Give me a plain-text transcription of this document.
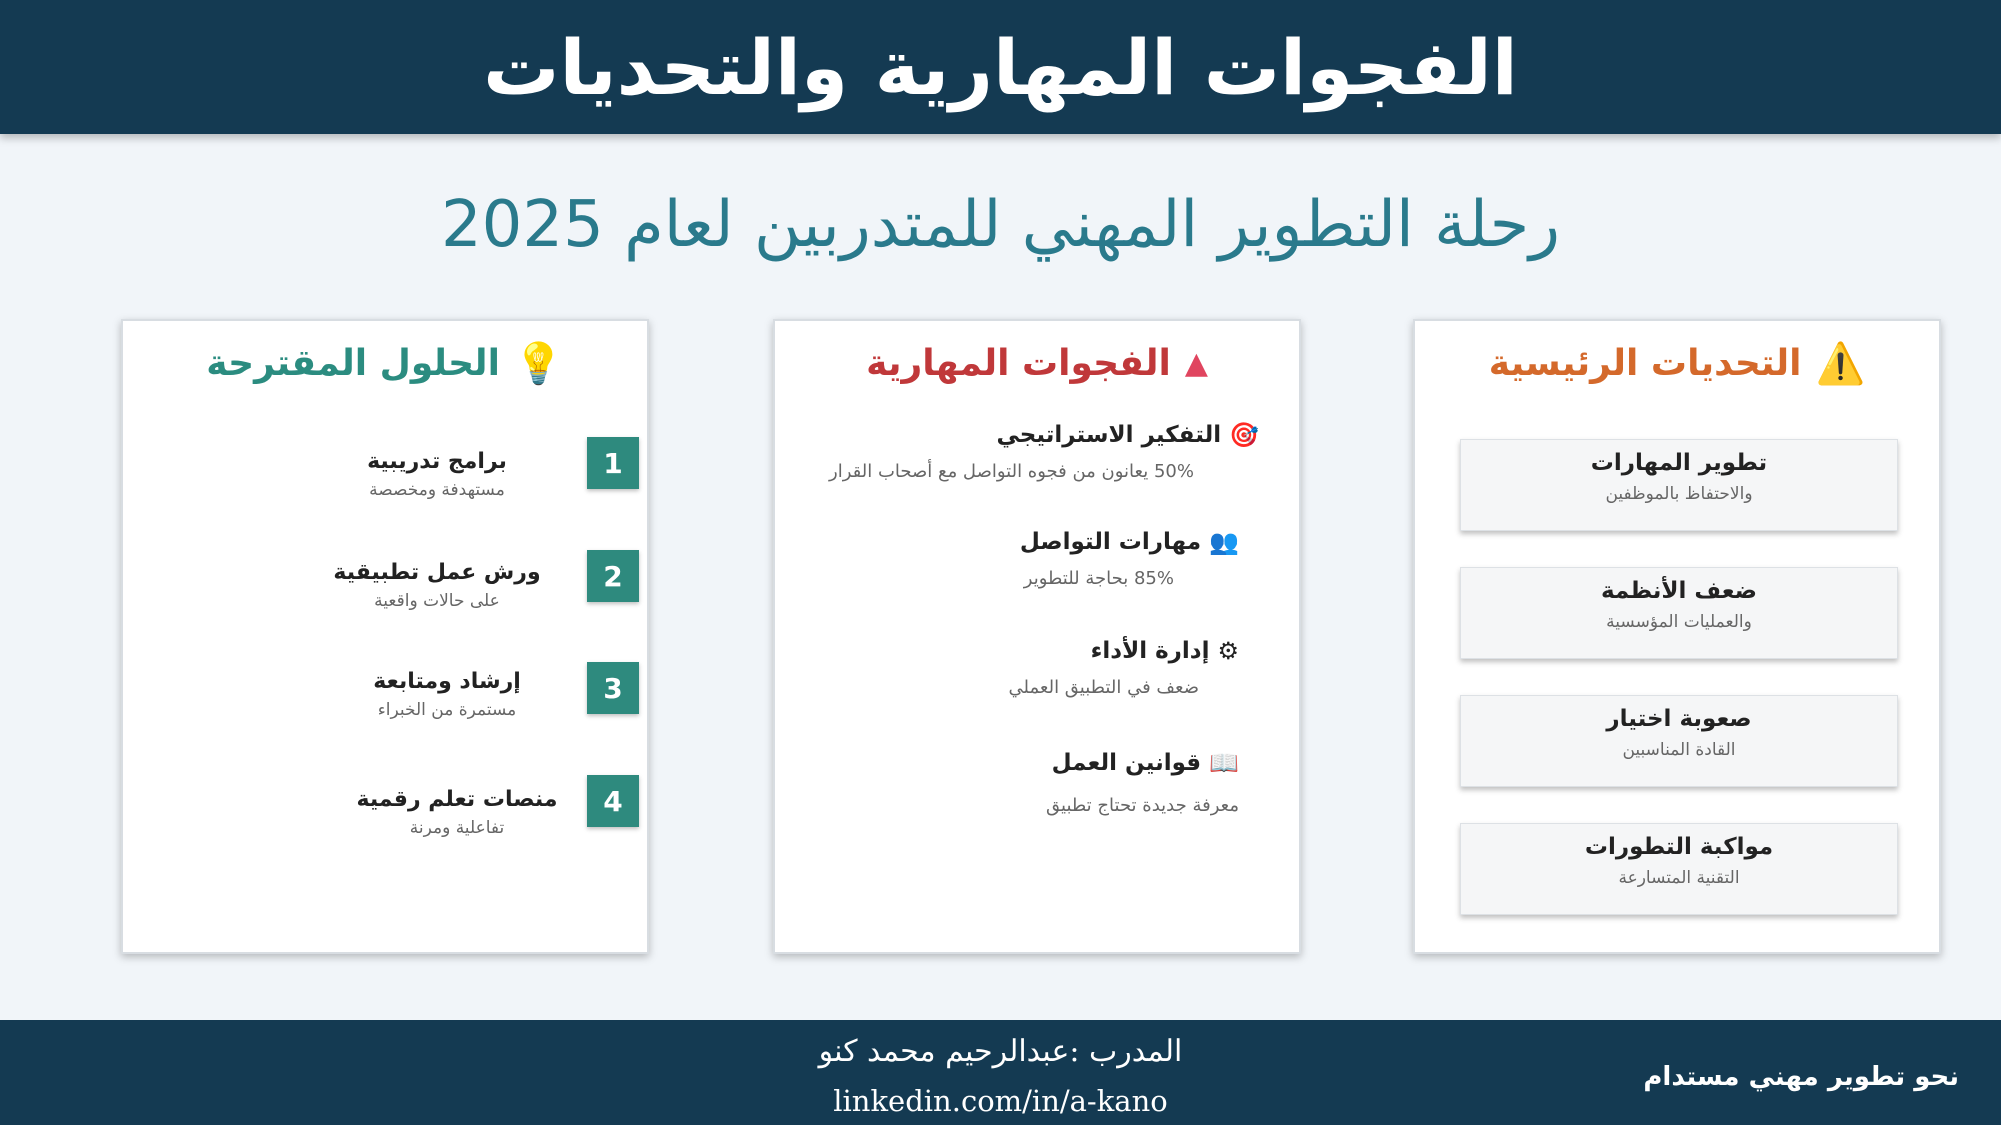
الفجوات المهارية والتحديات
رحلة التطوير المهني للمتدربين لعام 2025
⚠️
التحديات الرئيسية
تطوير المهارات
والاحتفاظ بالموظفين
ضعف الأنظمة
والعمليات المؤسسية
صعوبة اختيار
القادة المناسبين
مواكبة التطورات
التقنية المتسارعة
▲
الفجوات المهارية
🎯
التفكير الاستراتيجي
50% يعانون من فجوه التواصل مع أصحاب القرار
👥
مهارات التواصل
85% بحاجة للتطوير
⚙
إدارة الأداء
ضعف في التطبيق العملي
📖
قوانين العمل
معرفة جديدة تحتاج تطبيق
💡
الحلول المقترحة
1
برامج تدريبية
مستهدفة ومخصصة
2
ورش عمل تطبيقية
على حالات واقعية
3
إرشاد ومتابعة
مستمرة من الخبراء
4
منصات تعلم رقمية
تفاعلية ومرنة
المدرب :عبدالرحيم محمد كنو
linkedin.com/in/a-kano
نحو تطوير مهني مستدام
